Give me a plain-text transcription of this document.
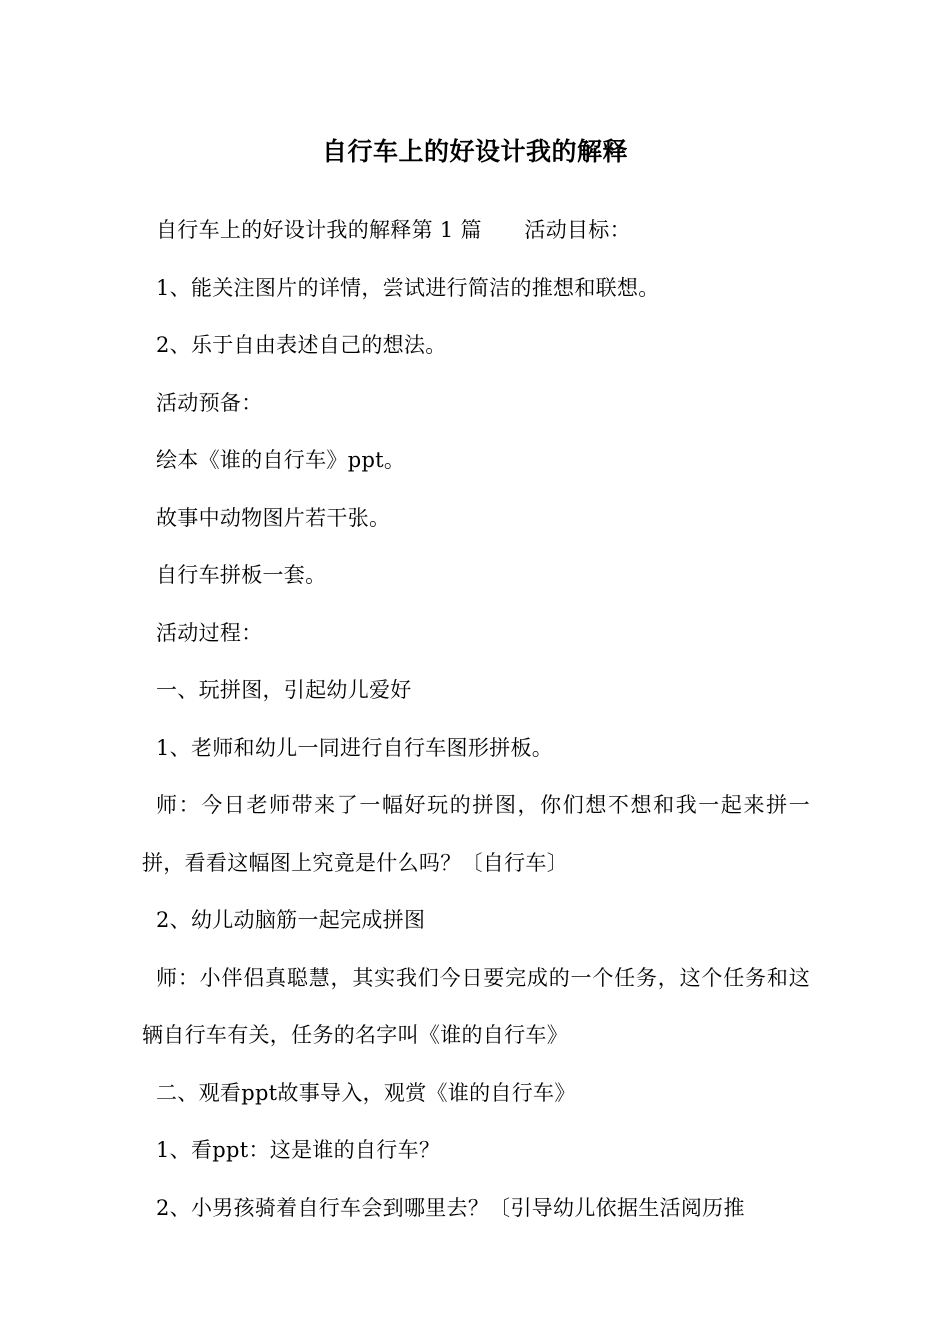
自行车上的好设计我的解释

自行车上的好设计我的解释第 1 篇　　活动目标：

1、能关注图片的详情，尝试进行简洁的推想和联想。

2、乐于自由表述自己的想法。

活动预备：

绘本《谁的自行车》ppt。

故事中动物图片若干张。

自行车拼板一套。

活动过程：

一、玩拼图，引起幼儿爱好

1、老师和幼儿一同进行自行车图形拼板。

师：今日老师带来了一幅好玩的拼图，你们想不想和我一起来拼一拼，看看这幅图上究竟是什么吗？〔自行车〕

2、幼儿动脑筋一起完成拼图

师：小伴侣真聪慧，其实我们今日要完成的一个任务，这个任务和这辆自行车有关，任务的名字叫《谁的自行车》

二、观看ppt故事导入，观赏《谁的自行车》

1、看ppt：这是谁的自行车？

2、小男孩骑着自行车会到哪里去？〔引导幼儿依据生活阅历推
